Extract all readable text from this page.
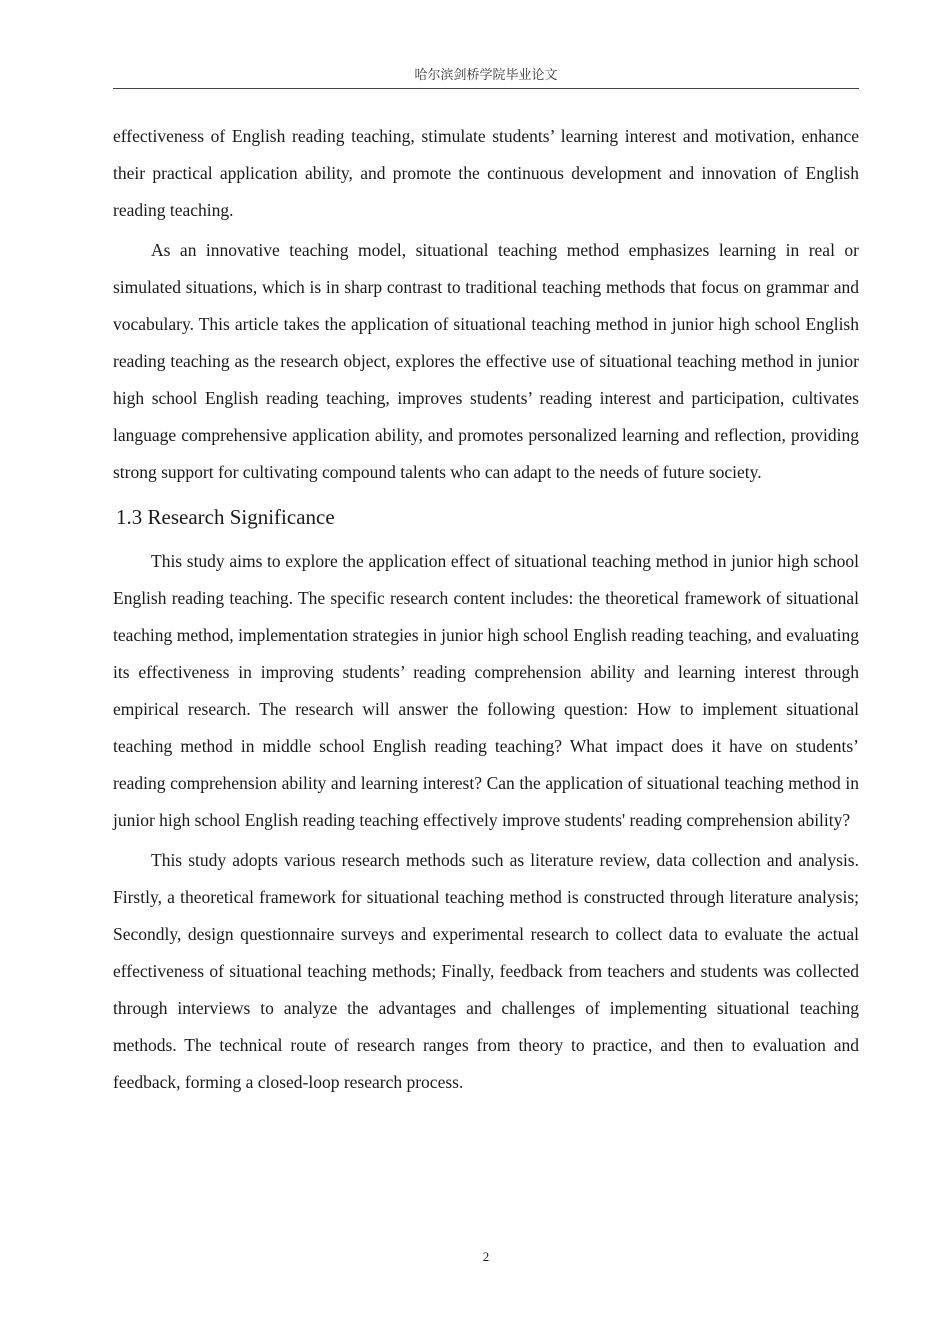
哈尔滨剑桥学院毕业论文

effectiveness of English reading teaching, stimulate students’ learning interest and motivation, enhance their practical application ability, and promote the continuous development and innovation of English reading teaching.

As an innovative teaching model, situational teaching method emphasizes learning in real or simulated situations, which is in sharp contrast to traditional teaching methods that focus on grammar and vocabulary. This article takes the application of situational teaching method in junior high school English reading teaching as the research object, explores the effective use of situational teaching method in junior high school English reading teaching, improves students’ reading interest and participation, cultivates language comprehensive application ability, and promotes personalized learning and reflection, providing strong support for cultivating compound talents who can adapt to the needs of future society.

1.3 Research Significance

This study aims to explore the application effect of situational teaching method in junior high school English reading teaching. The specific research content includes: the theoretical framework of situational teaching method, implementation strategies in junior high school English reading teaching, and evaluating its effectiveness in improving students’ reading comprehension ability and learning interest through empirical research. The research will answer the following question: How to implement situational teaching method in middle school English reading teaching? What impact does it have on students’ reading comprehension ability and learning interest? Can the application of situational teaching method in junior high school English reading teaching effectively improve students' reading comprehension ability?

This study adopts various research methods such as literature review, data collection and analysis. Firstly, a theoretical framework for situational teaching method is constructed through literature analysis; Secondly, design questionnaire surveys and experimental research to collect data to evaluate the actual effectiveness of situational teaching methods; Finally, feedback from teachers and students was collected through interviews to analyze the advantages and challenges of implementing situational teaching methods. The technical route of research ranges from theory to practice, and then to evaluation and feedback, forming a closed-loop research process.

2
